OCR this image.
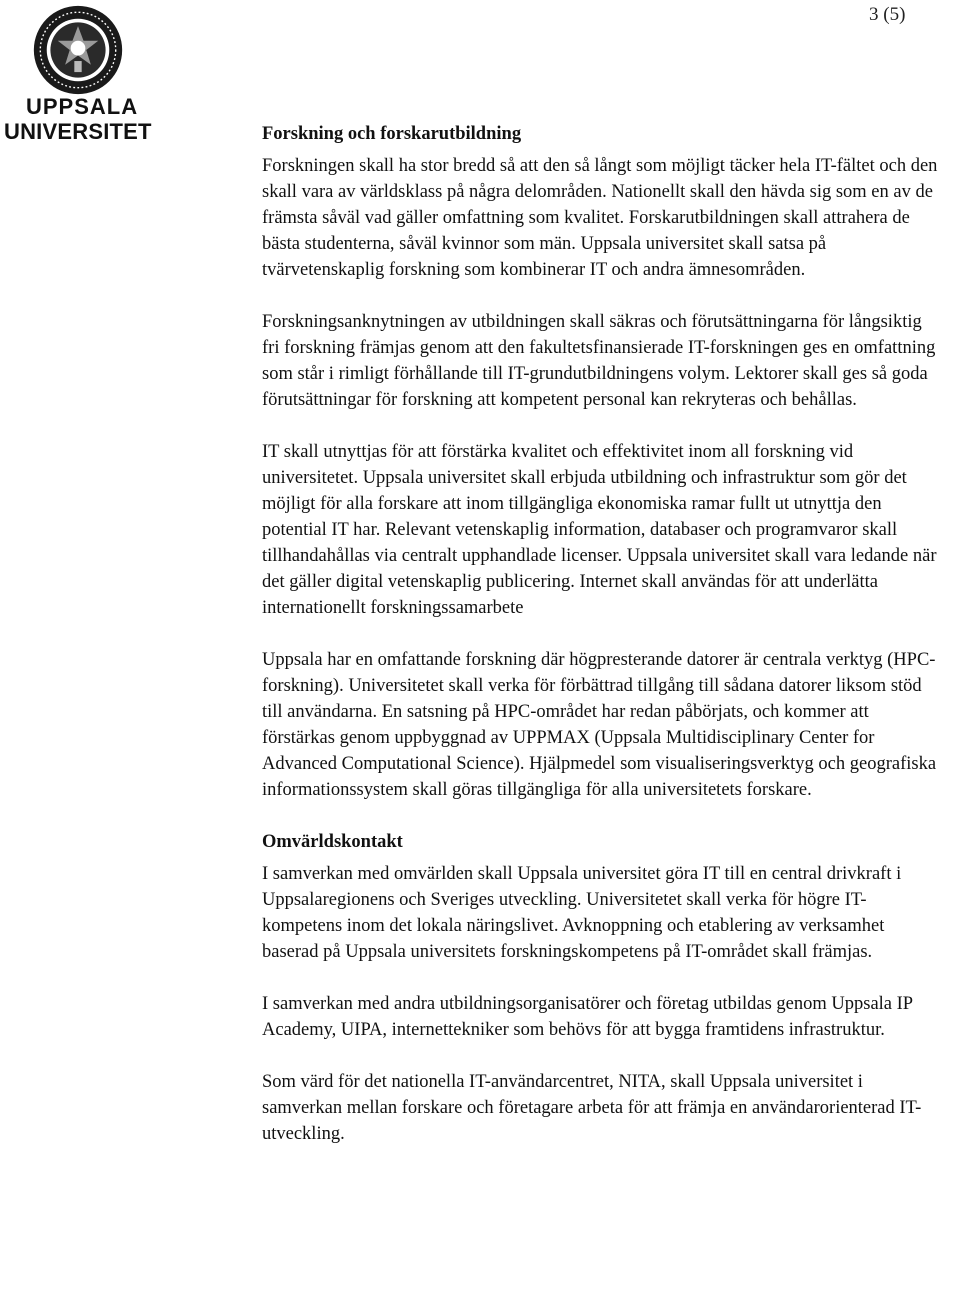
3 (5)
UPPSALA
UNIVERSITET	Forskning och forskarutbildning

Forskningen skall ha stor bredd så att den så långt som möjligt täcker hela IT-fältet och den skall vara av världsklass på några delområden. Nationellt skall den hävda sig som en av de främsta såväl vad gäller omfattning som kvalitet. Forskarutbildningen skall attrahera de bästa studenterna, såväl kvinnor som män. Uppsala universitet skall satsa på tvärvetenskaplig forskning som kombinerar IT och andra ämnesområden.

Forskningsanknytningen av utbildningen skall säkras och förutsättningarna för långsiktig fri forskning främjas genom att den fakultetsfinansierade IT-forskningen ges en omfattning som står i rimligt förhållande till IT-grundutbildningens volym. Lektorer skall ges så goda förutsättningar för forskning att kompetent personal kan rekryteras och behållas.

IT skall utnyttjas för att förstärka kvalitet och effektivitet inom all forskning vid universitetet. Uppsala universitet skall erbjuda utbildning och infrastruktur som gör det möjligt för alla forskare att inom tillgängliga ekonomiska ramar fullt ut utnyttja den potential IT har. Relevant vetenskaplig information, databaser och programvaror skall tillhandahållas via centralt upphandlade licenser. Uppsala universitet skall vara ledande när det gäller digital vetenskaplig publicering. Internet skall användas för att underlätta internationellt forskningssamarbete

Uppsala har en omfattande forskning där högpresterande datorer är centrala verktyg (HPC-forskning). Universitetet skall verka för förbättrad tillgång till sådana datorer liksom stöd till användarna. En satsning på HPC-området har redan påbörjats, och kommer att förstärkas genom uppbyggnad av UPPMAX (Uppsala Multidisciplinary Center for Advanced Computational Science). Hjälpmedel som visualiseringsverktyg och geografiska informationssystem skall göras tillgängliga för alla universitetets forskare.

Omvärldskontakt

I samverkan med omvärlden skall Uppsala universitet göra IT till en central drivkraft i Uppsalaregionens och Sveriges utveckling. Universitetet skall verka för högre IT-kompetens inom det lokala näringslivet. Avknoppning och etablering av verksamhet baserad på Uppsala universitets forskningskompetens på IT-området skall främjas.

I samverkan med andra utbildningsorganisatörer och företag utbildas genom Uppsala IP Academy, UIPA, internettekniker som behövs för att bygga framtidens infrastruktur.

Som värd för det nationella IT-användarcentret, NITA, skall Uppsala universitet i samverkan mellan forskare och företagare arbeta för att främja en användarorienterad IT-utveckling.
